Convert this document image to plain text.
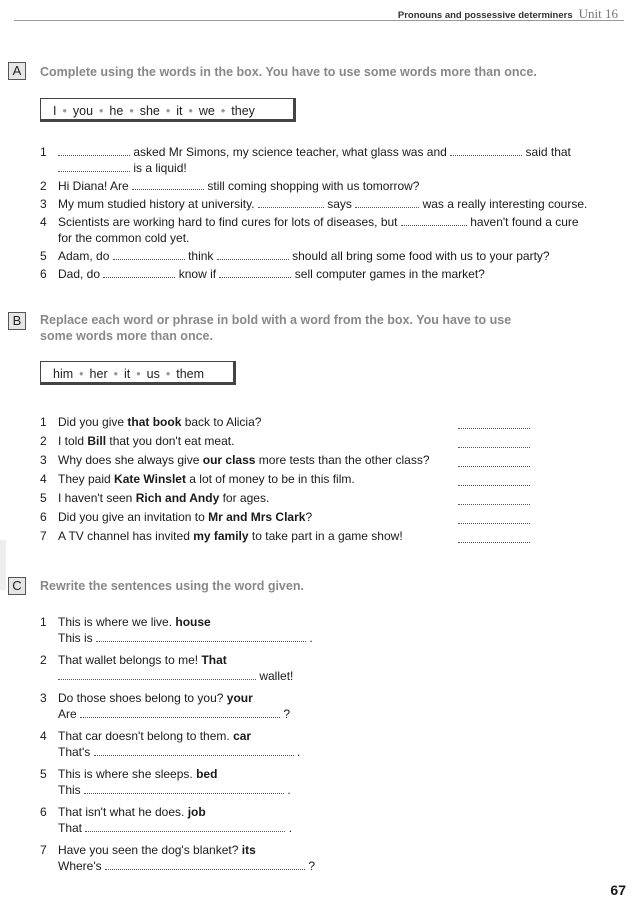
Pronouns and possessive determiners Unit 16
A	Complete using the words in the box. You have to use some words more than once.
I • you • he • she • it • we • they
1	asked Mr Simons, my science teacher, what glass was and	said that
is a liquid!
2 Hi Diana! Are	still coming shopping with us tomorrow?
3 My mum studied history at university.	says	was a really interesting course.
4 Scientists are working hard to find cures for lots of diseases, but	haven't found a cure
for the common cold yet.
5 Adam, do	think	should all bring some food with us to your party?
6 Dad, do	know if	sell computer games in the market?
B	Replace each word or phrase in bold with a word from the box. You have to use
some words more than once.
him • her • it • us • them
1 Did you give that book back to Alicia?
2 I told Bill that you don't eat meat.
3 Why does she always give our class more tests than the other class?
4 They paid Kate Winslet a lot of money to be in this film.
5 I haven't seen Rich and Andy for ages.
6 Did you give an invitation to Mr and Mrs Clark?
7 A TV channel has invited my family to take part in a game show!
C	Rewrite the sentences using the word given.
1 This is where we live. house
This is	.
2 That wallet belongs to me! That
wallet!
3 Do those shoes belong to you? your
Are	?
4 That car doesn't belong to them. car
That's	.
5 This is where she sleeps. bed
This	.
6 That isn't what he does. job
That	.
7 Have you seen the dog's blanket? its
Where's	?
67
